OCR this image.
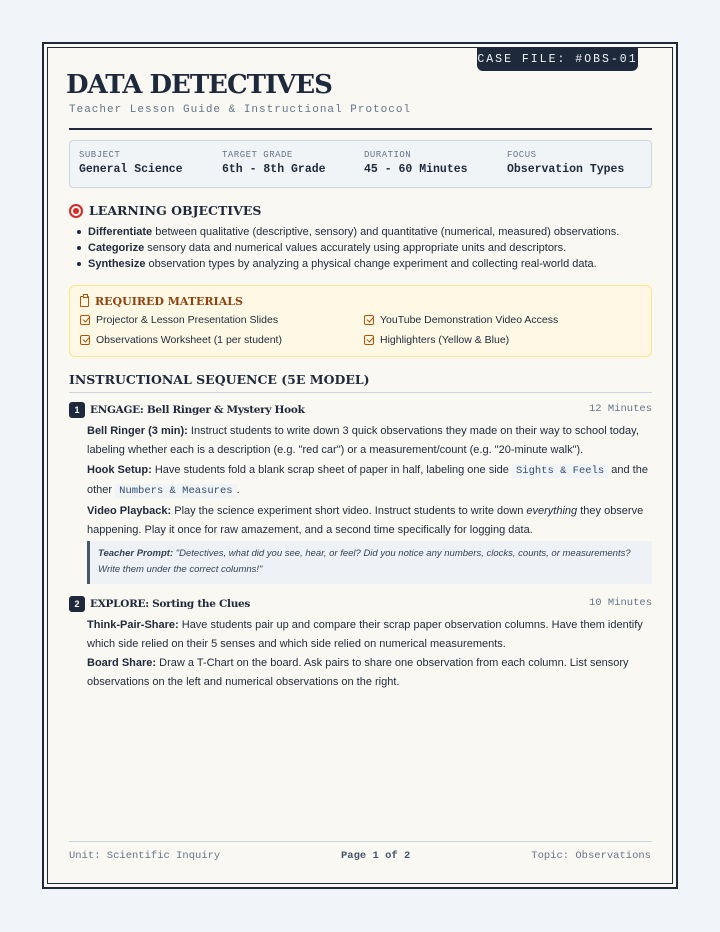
CASE FILE: #OBS-01
DATA DETECTIVES
Teacher Lesson Guide & Instructional Protocol
SUBJECT
General Science
TARGET GRADE
6th - 8th Grade
DURATION
45 - 60 Minutes
FOCUS
Observation Types
LEARNING OBJECTIVES
Differentiate between qualitative (descriptive, sensory) and quantitative (numerical, measured) observations.
Categorize sensory data and numerical values accurately using appropriate units and descriptors.
Synthesize observation types by analyzing a physical change experiment and collecting real-world data.
REQUIRED MATERIALS
Projector & Lesson Presentation Slides	YouTube Demonstration Video Access
Observations Worksheet (1 per student)	Highlighters (Yellow & Blue)
INSTRUCTIONAL SEQUENCE (5E MODEL)
1	ENGAGE: Bell Ringer & Mystery Hook	12 Minutes
Bell Ringer (3 min): Instruct students to write down 3 quick observations they made on their way to school today, labeling whether each is a description (e.g. "red car") or a measurement/count (e.g. "20-minute walk").
Hook Setup: Have students fold a blank scrap sheet of paper in half, labeling one side Sights & Feels and the other Numbers & Measures .
Video Playback: Play the science experiment short video. Instruct students to write down everything they observe happening. Play it once for raw amazement, and a second time specifically for logging data.
Teacher Prompt: "Detectives, what did you see, hear, or feel? Did you notice any numbers, clocks, counts, or measurements? Write them under the correct columns!"
2	EXPLORE: Sorting the Clues	10 Minutes
Think-Pair-Share: Have students pair up and compare their scrap paper observation columns. Have them identify which side relied on their 5 senses and which side relied on numerical measurements.
Board Share: Draw a T-Chart on the board. Ask pairs to share one observation from each column. List sensory observations on the left and numerical observations on the right.
Unit: Scientific Inquiry	Page 1 of 2	Topic: Observations
